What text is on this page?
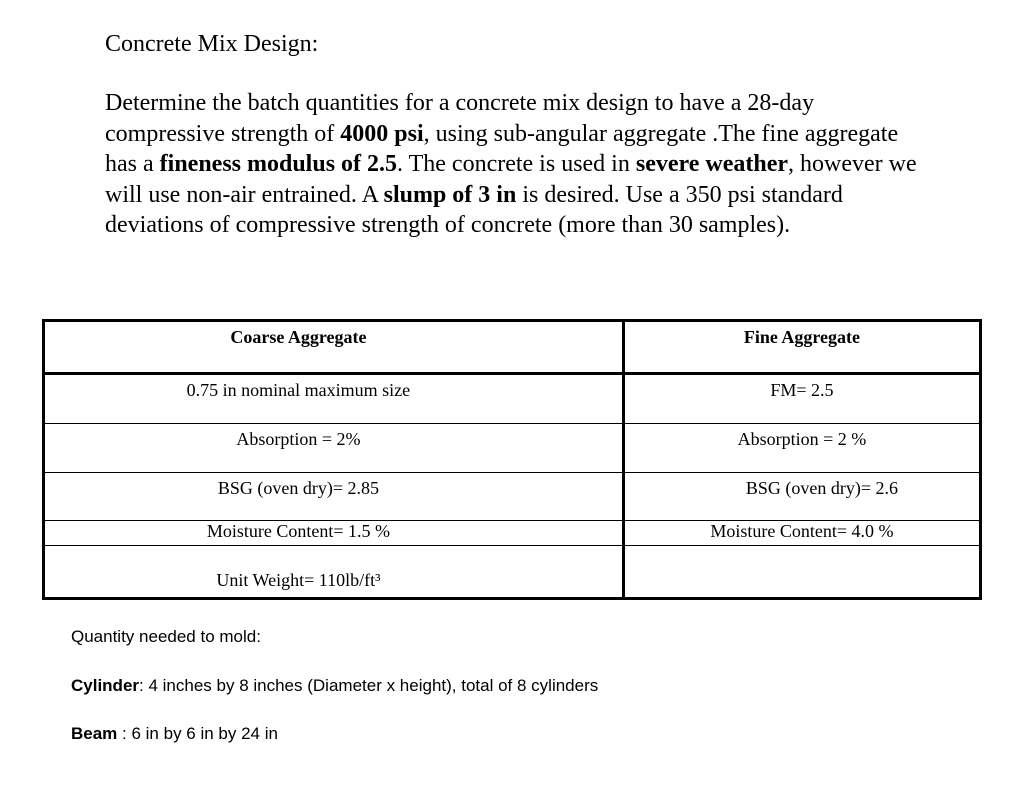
Concrete Mix Design:
Determine the batch quantities for a concrete mix design to have a 28-day compressive strength of 4000 psi, using sub-angular aggregate .The fine aggregate has a fineness modulus of 2.5. The concrete is used in severe weather, however we will use non-air entrained. A slump of 3 in is desired. Use a 350 psi standard deviations of compressive strength of concrete (more than 30 samples).
Coarse Aggregate	Fine Aggregate
0.75 in nominal maximum size	FM= 2.5
Absorption = 2%	Absorption = 2 %
BSG (oven dry)= 2.85	BSG (oven dry)= 2.6
Moisture Content= 1.5 %	Moisture Content= 4.0 %
Unit Weight= 110lb/ft³	
Quantity needed to mold:
Cylinder: 4 inches by 8 inches (Diameter x height), total of 8 cylinders
Beam : 6 in by 6 in by 24 in
